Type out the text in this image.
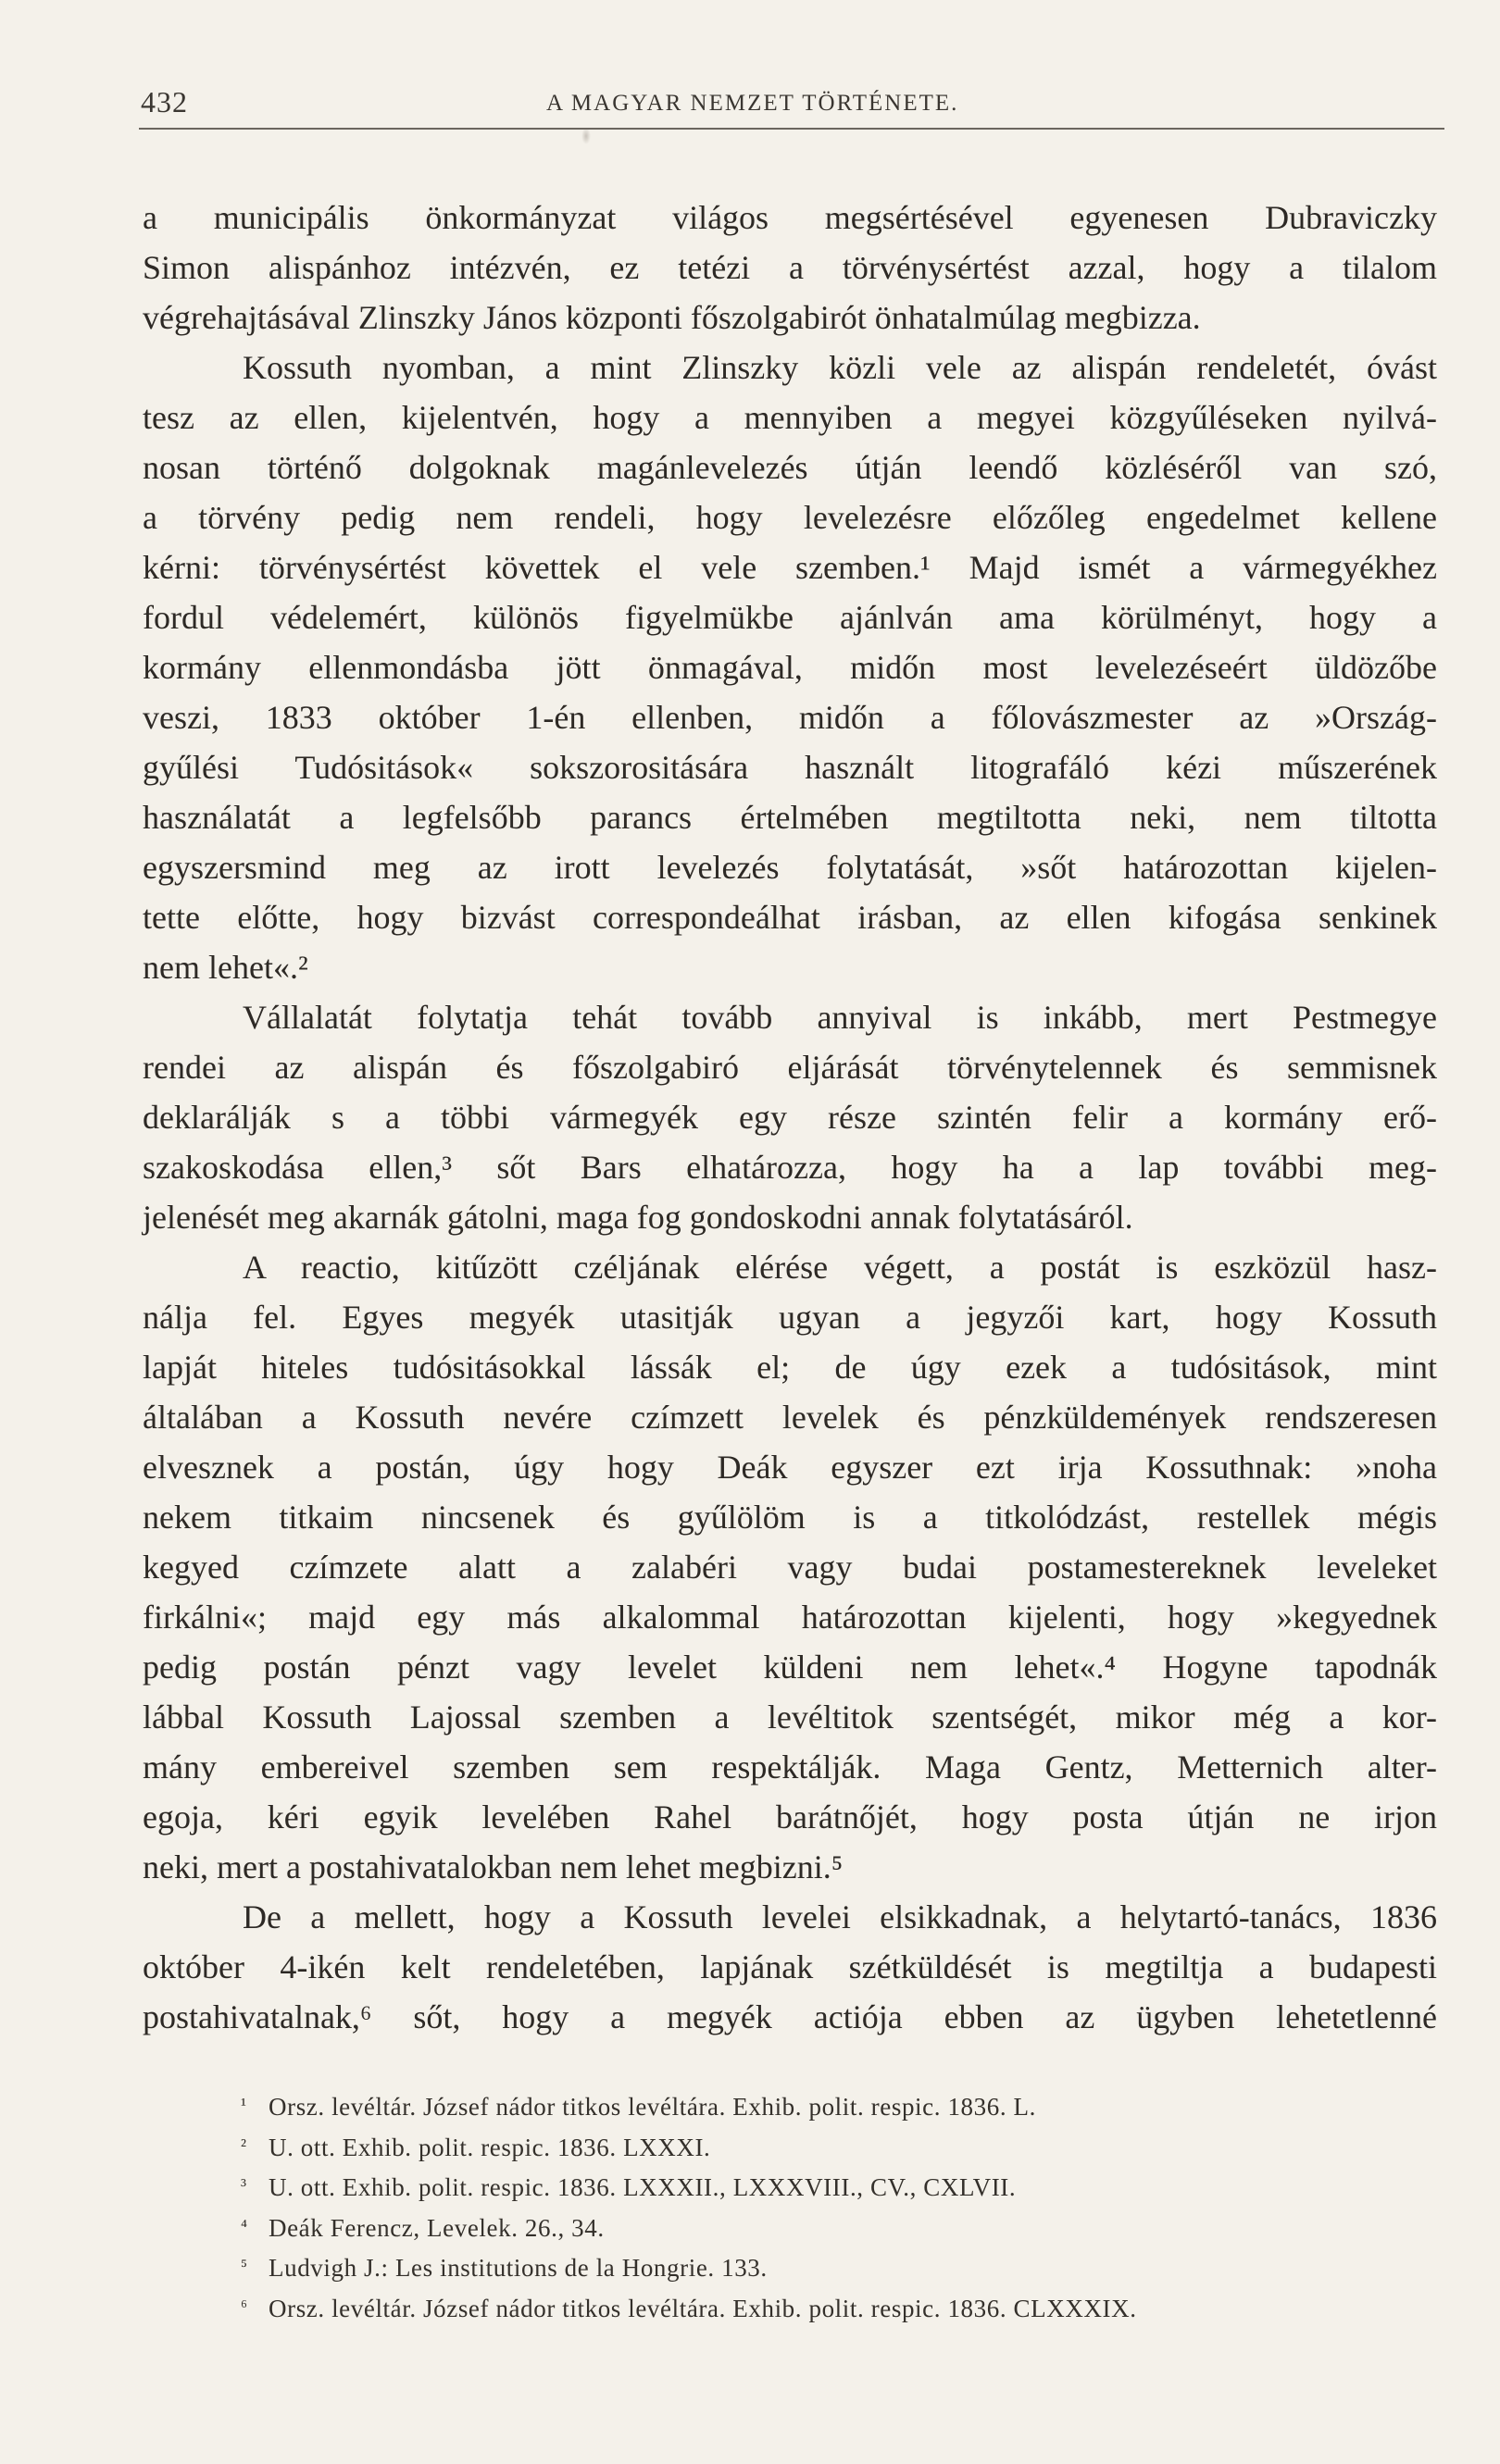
432	A MAGYAR NEMZET TÖRTÉNETE.
a municipális önkormányzat világos megsértésével egyenesen Dubraviczky
Simon alispánhoz intézvén, ez tetézi a törvénysértést azzal, hogy a tilalom
végrehajtásával Zlinszky János központi főszolgabirót önhatalmúlag megbizza.
Kossuth nyomban, a mint Zlinszky közli vele az alispán rendeletét, óvást
tesz az ellen, kijelentvén, hogy a mennyiben a megyei közgyűléseken nyilvá-
nosan történő dolgoknak magánlevelezés útján leendő közléséről van szó,
a törvény pedig nem rendeli, hogy levelezésre előzőleg engedelmet kellene
kérni: törvénysértést követtek el vele szemben.¹ Majd ismét a vármegyékhez
fordul védelemért, különös figyelmükbe ajánlván ama körülményt, hogy a
kormány ellenmondásba jött önmagával, midőn most levelezéseért üldözőbe
veszi, 1833 október 1-én ellenben, midőn a főlovászmester az »Ország-
gyűlési Tudósitások« sokszorositására használt litografáló kézi műszerének
használatát a legfelsőbb parancs értelmében megtiltotta neki, nem tiltotta
egyszersmind meg az irott levelezés folytatását, »sőt határozottan kijelen-
tette előtte, hogy bizvást correspondeálhat irásban, az ellen kifogása senkinek
nem lehet«.²
Vállalatát folytatja tehát tovább annyival is inkább, mert Pestmegye
rendei az alispán és főszolgabiró eljárását törvénytelennek és semmisnek
deklarálják s a többi vármegyék egy része szintén felir a kormány erő-
szakoskodása ellen,³ sőt Bars elhatározza, hogy ha a lap további meg-
jelenését meg akarnák gátolni, maga fog gondoskodni annak folytatásáról.
A reactio, kitűzött czéljának elérése végett, a postát is eszközül hasz-
nálja fel. Egyes megyék utasitják ugyan a jegyzői kart, hogy Kossuth
lapját hiteles tudósitásokkal lássák el; de úgy ezek a tudósitások, mint
általában a Kossuth nevére czímzett levelek és pénzküldemények rendszeresen
elvesznek a postán, úgy hogy Deák egyszer ezt irja Kossuthnak: »noha
nekem titkaim nincsenek és gyűlölöm is a titkolódzást, restellek mégis
kegyed czímzete alatt a zalabéri vagy budai postamestereknek leveleket
firkálni«; majd egy más alkalommal határozottan kijelenti, hogy »kegyednek
pedig postán pénzt vagy levelet küldeni nem lehet«.⁴ Hogyne tapodnák
lábbal Kossuth Lajossal szemben a levéltitok szentségét, mikor még a kor-
mány embereivel szemben sem respektálják. Maga Gentz, Metternich alter-
egoja, kéri egyik levelében Rahel barátnőjét, hogy posta útján ne irjon
neki, mert a postahivatalokban nem lehet megbizni.⁵
De a mellett, hogy a Kossuth levelei elsikkadnak, a helytartó-tanács, 1836
október 4-ikén kelt rendeletében, lapjának szétküldését is megtiltja a budapesti
postahivatalnak,⁶ sőt, hogy a megyék actiója ebben az ügyben lehetetlenné
¹ Orsz. levéltár. József nádor titkos levéltára. Exhib. polit. respic. 1836. L.
² U. ott. Exhib. polit. respic. 1836. LXXXI.
³ U. ott. Exhib. polit. respic. 1836. LXXXII., LXXXVIII., CV., CXLVII.
⁴ Deák Ferencz, Levelek. 26., 34.
⁵ Ludvigh J.: Les institutions de la Hongrie. 133.
⁶ Orsz. levéltár. József nádor titkos levéltára. Exhib. polit. respic. 1836. CLXXXIX.
